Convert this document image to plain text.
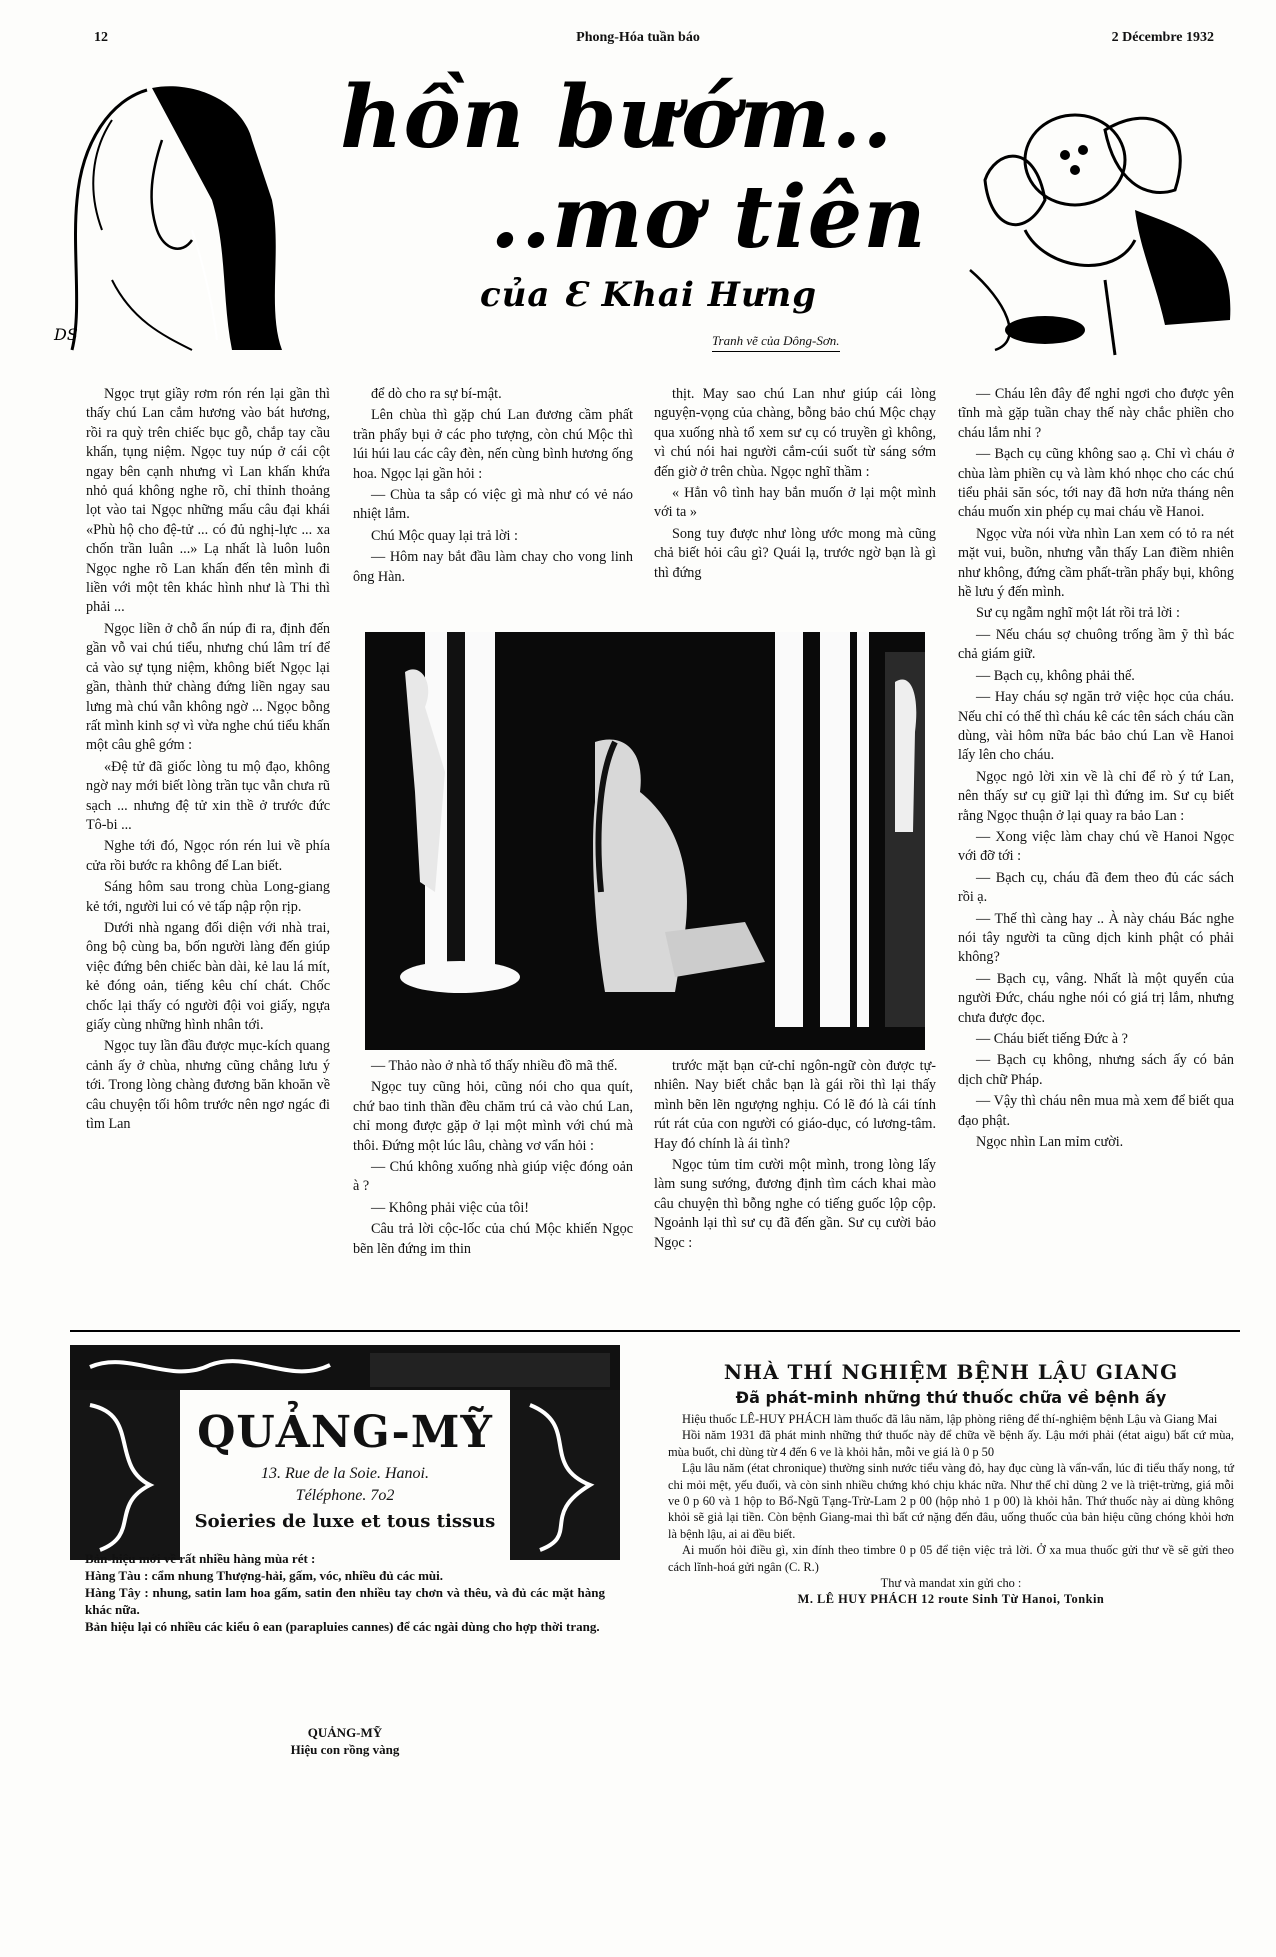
12	Phong-Hóa tuần báo	2 Décembre 1932
DS
hồn bướm..
..mơ tiên
của Ɛ Khai Hưng
Tranh vẽ của Dông-Sơn.

Ngọc trụt giầy rơm rón rén lại gần thì thấy chú Lan cắm hương vào bát hương, rồi ra quỳ trên chiếc bục gỗ, chắp tay cầu khấn, tụng niệm. Ngọc tuy núp ở cái cột ngay bên cạnh nhưng vì Lan khấn khứa nhỏ quá không nghe rõ, chỉ thỉnh thoảng lọt vào tai Ngọc những mẩu câu đại khái «Phù hộ cho đệ-tử ... có đủ nghị-lực ... xa chốn trần luân ...» Lạ nhất là luôn luôn Ngọc nghe rõ Lan khấn đến tên mình đi liền với một tên khác hình như là Thi thì phải ...

Ngọc liền ở chỗ ẩn núp đi ra, định đến gần vỗ vai chú tiểu, nhưng chú lâm trí để cả vào sự tụng niệm, không biết Ngọc lại gần, thành thử chàng đứng liền ngay sau lưng mà chú vẫn không ngờ ... Ngọc bỗng rất mình kinh sợ vì vừa nghe chú tiểu khấn một câu ghê gớm :

«Đệ tử đã giốc lòng tu mộ đạo, không ngờ nay mới biết lòng trần tục vẫn chưa rũ sạch ... nhưng đệ tử xin thề ở trước đức Tô-bi ...

Nghe tới đó, Ngọc rón rén lui về phía cửa rồi bước ra không để Lan biết.

Sáng hôm sau trong chùa Long-giang kẻ tới, người lui có vẻ tấp nập rộn rịp.

Dưới nhà ngang đối diện với nhà trai, ông bộ cùng ba, bốn người làng đến giúp việc đứng bên chiếc bàn dài, kẻ lau lá mít, kẻ đóng oản, tiếng kêu chí chát. Chốc chốc lại thấy có người đội voi giấy, ngựa giấy cùng những hình nhân tới.

Ngọc tuy lần đầu được mục-kích quang cảnh ấy ở chùa, nhưng cũng chẳng lưu ý tới. Trong lòng chàng đương băn khoăn về câu chuyện tối hôm trước nên ngơ ngác đi tìm Lan

để dò cho ra sự bí-mật.

Lên chùa thì gặp chú Lan đương cầm phất trần phẩy bụi ở các pho tượng, còn chú Mộc thì lúi húi lau các cây đèn, nến cùng bình hương ống hoa. Ngọc lại gần hỏi :

— Chùa ta sắp có việc gì mà như có vẻ náo nhiệt lắm.

Chú Mộc quay lại trả lời :

— Hôm nay bắt đầu làm chay cho vong linh ông Hàn.

thịt. May sao chú Lan như giúp cái lòng nguyện-vọng của chàng, bỗng bảo chú Mộc chạy qua xuống nhà tổ xem sư cụ có truyền gì không, vì chú nói hai người cắm-cúi suốt từ sáng sớm đến giờ ở trên chùa. Ngọc nghĩ thầm :

« Hẳn vô tình hay bắn muốn ở lại một mình với ta »

Song tuy được như lòng ước mong mà cũng chả biết hỏi câu gì? Quái lạ, trước ngờ bạn là gì thì đứng

— Thảo nào ở nhà tổ thấy nhiều đồ mã thế.

Ngọc tuy cũng hỏi, cũng nói cho qua quít, chứ bao tinh thần đều chăm trú cả vào chú Lan, chỉ mong được gặp ở lại một mình với chú mà thôi. Đứng một lúc lâu, chàng vơ vẩn hỏi :

— Chú không xuống nhà giúp việc đóng oản à ?

— Không phải việc của tôi!

Câu trả lời cộc-lốc của chú Mộc khiến Ngọc bẽn lẽn đứng im thin

trước mặt bạn cử-chỉ ngôn-ngữ còn được tự-nhiên. Nay biết chắc bạn là gái rồi thì lại thấy mình bẽn lẽn ngượng nghịu. Có lẽ đó là cái tính rút rát của con người có giáo-dục, có lương-tâm. Hay đó chính là ái tình?

Ngọc tủm tỉm cười một mình, trong lòng lấy làm sung sướng, đương định tìm cách khai mào câu chuyện thì bỗng nghe có tiếng guốc lộp cộp. Ngoảnh lại thì sư cụ đã đến gần. Sư cụ cười bảo Ngọc :

— Cháu lên đây để nghỉ ngơi cho được yên tĩnh mà gặp tuần chay thế này chắc phiền cho cháu lắm nhỉ ?

— Bạch cụ cũng không sao ạ. Chỉ vì cháu ở chùa làm phiền cụ và làm khó nhọc cho các chú tiểu phải săn sóc, tới nay đã hơn nửa tháng nên cháu muốn xin phép cụ mai cháu về Hanoi.

Ngọc vừa nói vừa nhìn Lan xem có tỏ ra nét mặt vui, buồn, nhưng vẫn thấy Lan điềm nhiên như không, đứng cầm phất-trần phẩy bụi, không hề lưu ý đến mình.

Sư cụ ngẫm nghĩ một lát rồi trả lời :

— Nếu cháu sợ chuông trống ầm ỹ thì bác chả giám giữ.

— Bạch cụ, không phải thế.

— Hay cháu sợ ngăn trở việc học của cháu. Nếu chỉ có thế thì cháu kê các tên sách cháu cần dùng, vài hôm nữa bác bảo chú Lan về Hanoi lấy lên cho cháu.

Ngọc ngỏ lời xin về là chỉ để rò ý tứ Lan, nên thấy sư cụ giữ lại thì đứng im. Sư cụ biết rằng Ngọc thuận ở lại quay ra bảo Lan :

— Xong việc làm chay chú về Hanoi Ngọc với đỡ tới :

— Bạch cụ, cháu đã đem theo đủ các sách rồi ạ.

— Thế thì càng hay .. À này cháu Bác nghe nói tây người ta cũng dịch kinh phật có phải không?

— Bạch cụ, vâng. Nhất là một quyển của người Đức, cháu nghe nói có giá trị lắm, nhưng chưa được đọc.

— Cháu biết tiếng Đức à ?

— Bạch cụ không, nhưng sách ấy có bản dịch chữ Pháp.

— Vậy thì cháu nên mua mà xem để biết qua đạo phật.

Ngọc nhìn Lan mỉm cười.

QUẢNG-MỸ
13. Rue de la Soie. Hanoi.
Téléphone. 7o2
Soieries de luxe et tous tissus

Bản-hiệu mới về rất nhiều hàng mùa rét :

Hàng Tàu : cẩm nhung Thượng-hải, gấm, vóc, nhiều đủ các mùi.

Hàng Tây : nhung, satin lam hoa gấm, satin đen nhiều tay chơn và thêu, và đủ các mặt hàng khác nữa.

Bản hiệu lại có nhiều các kiểu ô ean (parapluies cannes) để các ngài dùng cho hợp thời trang.

QUẢNG-MỸ
Hiệu con rồng vàng
NHÀ THÍ NGHIỆM BỆNH LẬU GIANG
Đã phát-minh những thứ thuốc chữa về bệnh ấy

Hiệu thuốc LÊ-HUY PHÁCH làm thuốc đã lâu năm, lập phòng riêng để thí-nghiệm bệnh Lậu và Giang Mai

Hồi năm 1931 đã phát minh những thứ thuốc này để chữa về bệnh ấy. Lậu mới phải (état aigu) bất cứ mùa, mùa buốt, chỉ dùng từ 4 đến 6 ve là khỏi hẳn, mỗi ve giá là 0 p 50

Lậu lâu năm (état chronique) thường sinh nước tiểu vàng đỏ, hay đục cùng là vẩn-vẩn, lúc đi tiểu thấy nong, tứ chi mỏi mệt, yếu đuối, và còn sinh nhiều chứng khó chịu khác nữa. Như thế chỉ dùng 2 ve là triệt-trừng, giá mỗi ve 0 p 60 và 1 hộp to Bổ-Ngũ Tạng-Trừ-Lam 2 p 00 (hộp nhỏ 1 p 00) là khỏi hẳn. Thứ thuốc này ai dùng không khỏi sẽ giả lại tiền. Còn bệnh Giang-mai thì bất cứ nặng đến đâu, uống thuốc của bản hiệu cũng chóng khỏi hơn là bệnh lậu, ai ai đều biết.

Ai muốn hỏi điều gì, xin đính theo timbre 0 p 05 để tiện việc trả lời. Ở xa mua thuốc gửi thư về sẽ gửi theo cách lĩnh-hoá gửi ngân (C. R.)

Thư và mandat xin gửi cho :

M. LÊ HUY PHÁCH 12 route Sinh Từ Hanoi, Tonkin
